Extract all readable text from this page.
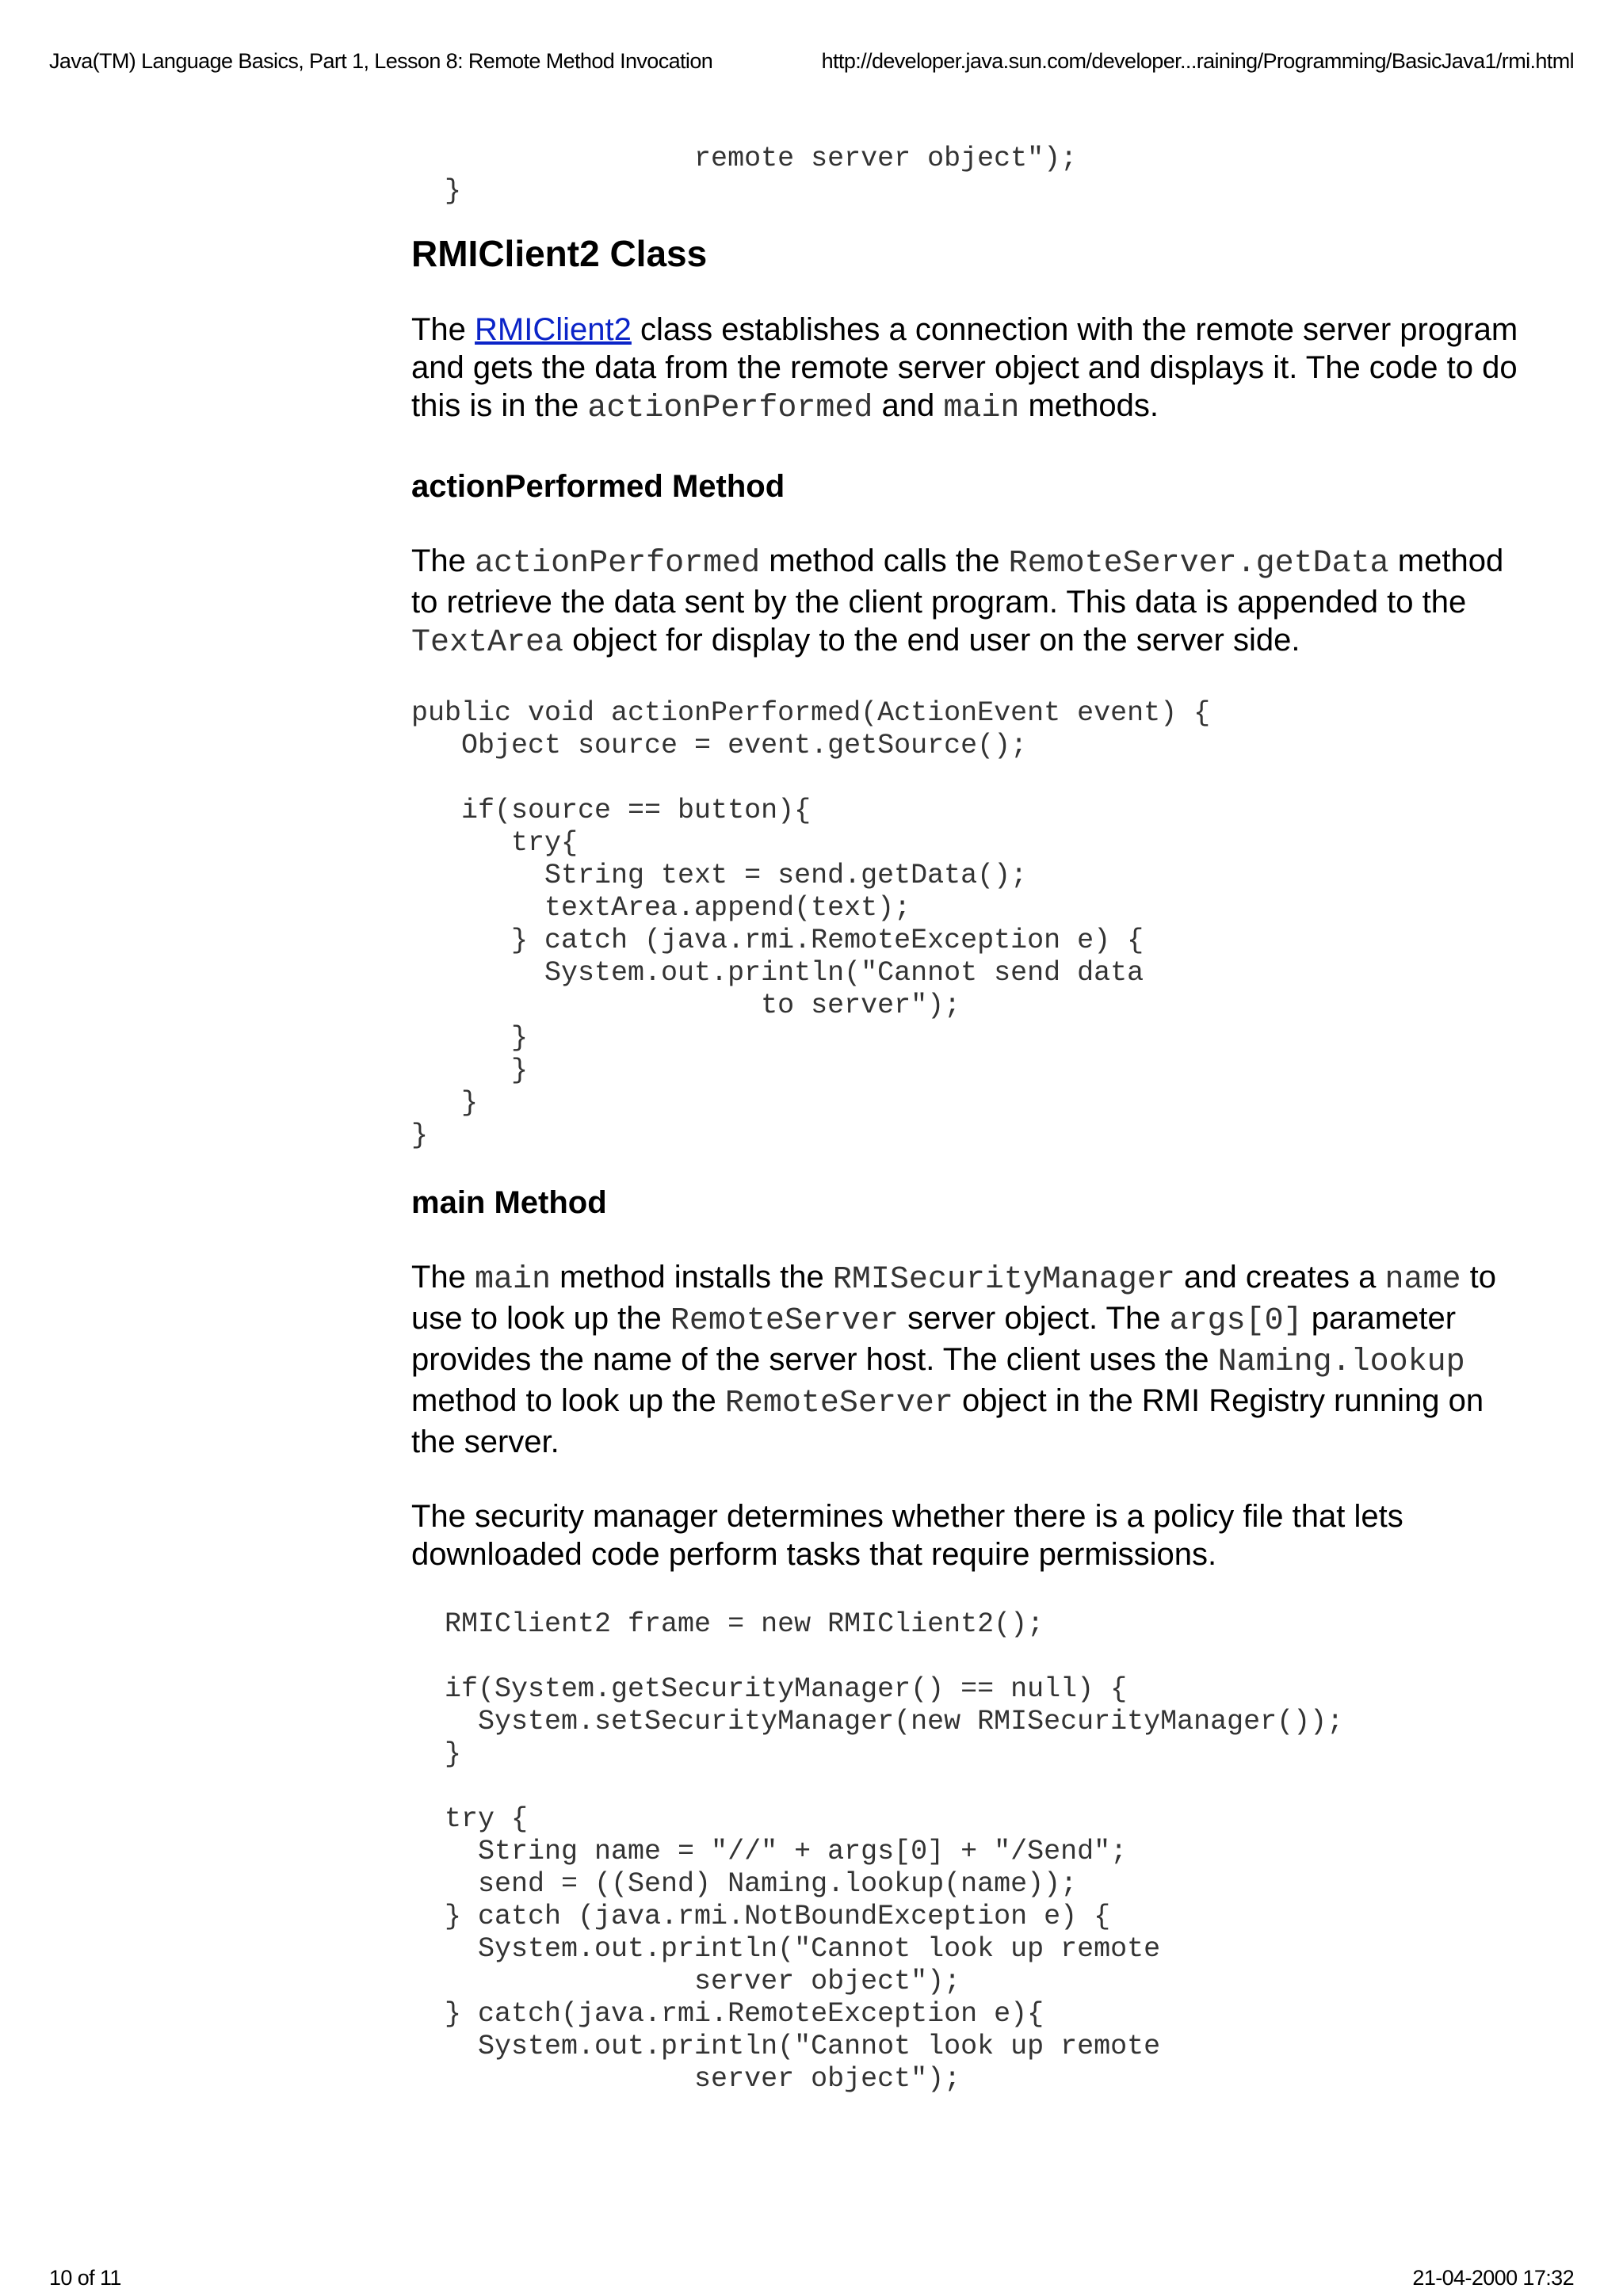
Java(TM) Language Basics, Part 1, Lesson 8: Remote Method Invocation	http://developer.java.sun.com/developer...raining/Programming/BasicJava1/rmi.html
remote server object");
}
RMIClient2 Class

The RMIClient2 class establishes a connection with the remote server program and gets the data from the remote server object and displays it. The code to do this is in the actionPerformed and main methods.

actionPerformed Method

The actionPerformed method calls the RemoteServer.getData method to retrieve the data sent by the client program. This data is appended to the TextArea object for display to the end user on the server side.

public void actionPerformed(ActionEvent event) {
Object source = event.getSource();

if(source == button){
try{
String text = send.getData();
textArea.append(text);
} catch (java.rmi.RemoteException e) {
System.out.println("Cannot send data
to server");
}
}
}
}
main Method

The main method installs the RMISecurityManager and creates a name to use to look up the RemoteServer server object. The args[0] parameter provides the name of the server host. The client uses the Naming.lookup method to look up the RemoteServer object in the RMI Registry running on the server.

The security manager determines whether there is a policy file that lets downloaded code perform tasks that require permissions.

RMIClient2 frame = new RMIClient2();

if(System.getSecurityManager() == null) {
System.setSecurityManager(new RMISecurityManager());
}

try {
String name = "//" + args[0] + "/Send";
send = ((Send) Naming.lookup(name));
} catch (java.rmi.NotBoundException e) {
System.out.println("Cannot look up remote
server object");
} catch(java.rmi.RemoteException e){
System.out.println("Cannot look up remote
server object");
10 of 11	21-04-2000 17:32
